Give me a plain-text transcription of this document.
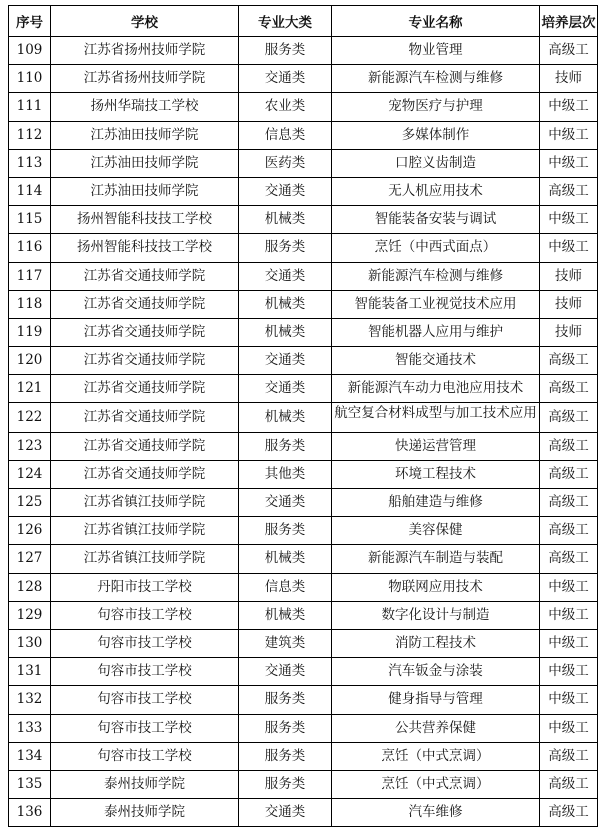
序号	学校	专业大类	专业名称	培养层次
109	江苏省扬州技师学院	服务类	物业管理	高级工
110	江苏省扬州技师学院	交通类	新能源汽车检测与维修	技师
111	扬州华瑞技工学校	农业类	宠物医疗与护理	中级工
112	江苏油田技师学院	信息类	多媒体制作	中级工
113	江苏油田技师学院	医药类	口腔义齿制造	中级工
114	江苏油田技师学院	交通类	无人机应用技术	高级工
115	扬州智能科技技工学校	机械类	智能装备安装与调试	中级工
116	扬州智能科技技工学校	服务类	烹饪（中西式面点）	中级工
117	江苏省交通技师学院	交通类	新能源汽车检测与维修	技师
118	江苏省交通技师学院	机械类	智能装备工业视觉技术应用	技师
119	江苏省交通技师学院	机械类	智能机器人应用与维护	技师
120	江苏省交通技师学院	交通类	智能交通技术	高级工
121	江苏省交通技师学院	交通类	新能源汽车动力电池应用技术	高级工
122	江苏省交通技师学院	机械类	航空复合材料成型与加工技术应用	高级工
123	江苏省交通技师学院	服务类	快递运营管理	高级工
124	江苏省交通技师学院	其他类	环境工程技术	高级工
125	江苏省镇江技师学院	交通类	船舶建造与维修	高级工
126	江苏省镇江技师学院	服务类	美容保健	高级工
127	江苏省镇江技师学院	机械类	新能源汽车制造与装配	高级工
128	丹阳市技工学校	信息类	物联网应用技术	中级工
129	句容市技工学校	机械类	数字化设计与制造	中级工
130	句容市技工学校	建筑类	消防工程技术	中级工
131	句容市技工学校	交通类	汽车钣金与涂装	中级工
132	句容市技工学校	服务类	健身指导与管理	中级工
133	句容市技工学校	服务类	公共营养保健	中级工
134	句容市技工学校	服务类	烹饪（中式烹调）	高级工
135	泰州技师学院	服务类	烹饪（中式烹调）	高级工
136	泰州技师学院	交通类	汽车维修	高级工
